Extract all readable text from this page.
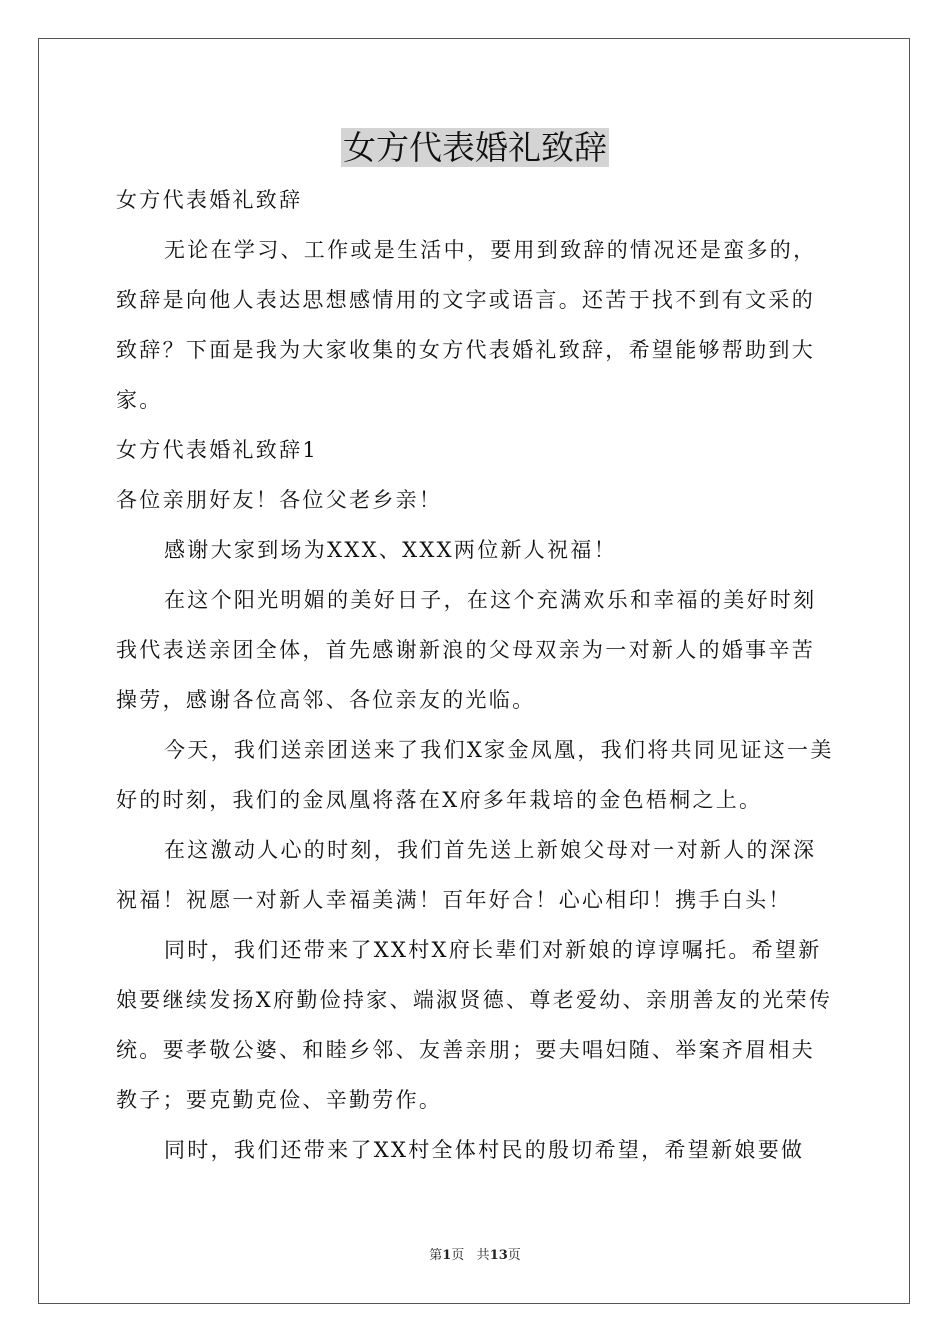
女方代表婚礼致辞

女方代表婚礼致辞

无论在学习、工作或是生活中，要用到致辞的情况还是蛮多的，致辞是向他人表达思想感情用的文字或语言。还苦于找不到有文采的致辞？下面是我为大家收集的女方代表婚礼致辞，希望能够帮助到大家。

女方代表婚礼致辞1

各位亲朋好友！各位父老乡亲！

感谢大家到场为XXX、XXX两位新人祝福！

在这个阳光明媚的美好日子，在这个充满欢乐和幸福的美好时刻我代表送亲团全体，首先感谢新浪的父母双亲为一对新人的婚事辛苦操劳，感谢各位高邻、各位亲友的光临。

今天，我们送亲团送来了我们X家金凤凰，我们将共同见证这一美好的时刻，我们的金凤凰将落在X府多年栽培的金色梧桐之上。

在这激动人心的时刻，我们首先送上新娘父母对一对新人的深深祝福！祝愿一对新人幸福美满！百年好合！心心相印！携手白头！

同时，我们还带来了XX村X府长辈们对新娘的谆谆嘱托。希望新娘要继续发扬X府勤俭持家、端淑贤德、尊老爱幼、亲朋善友的光荣传统。要孝敬公婆、和睦乡邻、友善亲朋；要夫唱妇随、举案齐眉相夫教子；要克勤克俭、辛勤劳作。

同时，我们还带来了XX村全体村民的殷切希望，希望新娘要做

第1页 共13页
